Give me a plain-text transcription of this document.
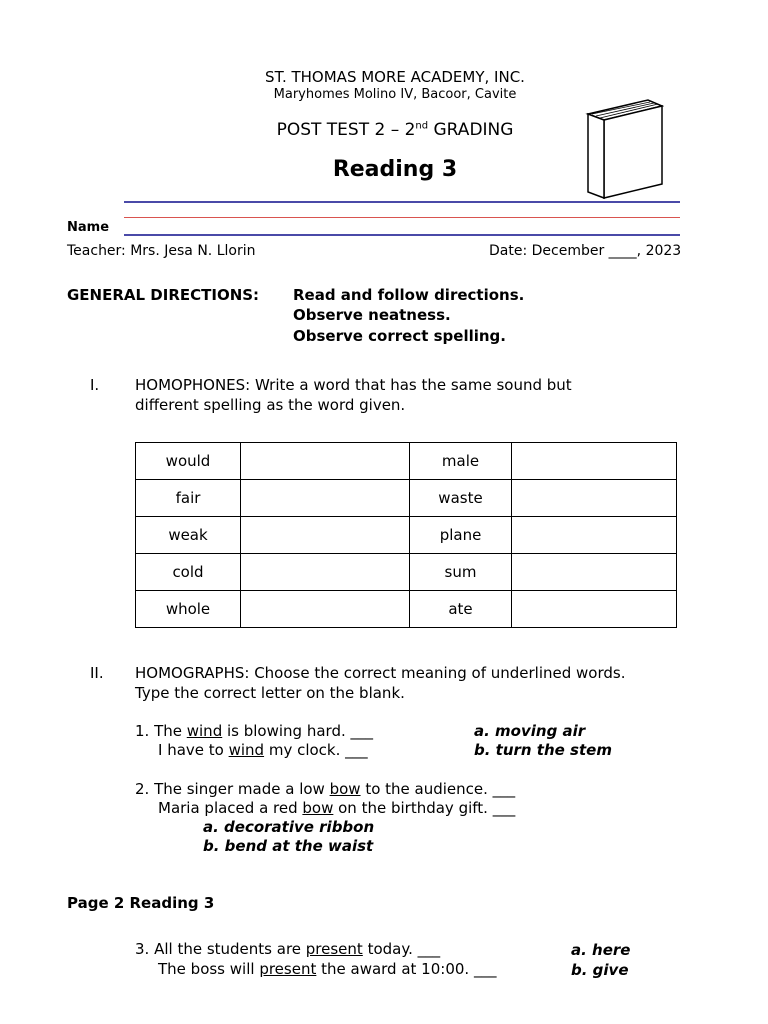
ST. THOMAS MORE ACADEMY, INC.
Maryhomes Molino IV, Bacoor, Cavite
POST TEST 2 – 2nd GRADING
Reading 3
Name
Teacher: Mrs. Jesa N. Llorin	Date: December ____, 2023
GENERAL DIRECTIONS: Read and follow directions.
Observe neatness.
Observe correct spelling.
I. HOMOPHONES: Write a word that has the same sound but
different spelling as the word given.
would		male	
fair		waste	
weak		plane	
cold		sum	
whole		ate	
II. HOMOGRAPHS: Choose the correct meaning of underlined words.
Type the correct letter on the blank.
1. The wind is blowing hard. ___
I have to wind my clock. ___
a. moving air
b. turn the stem
2. The singer made a low bow to the audience. ___
Maria placed a red bow on the birthday gift. ___
a. decorative ribbon
b. bend at the waist
Page 2 Reading 3
3. All the students are present today. ___
The boss will present the award at 10:00. ___
a. here
b. give
